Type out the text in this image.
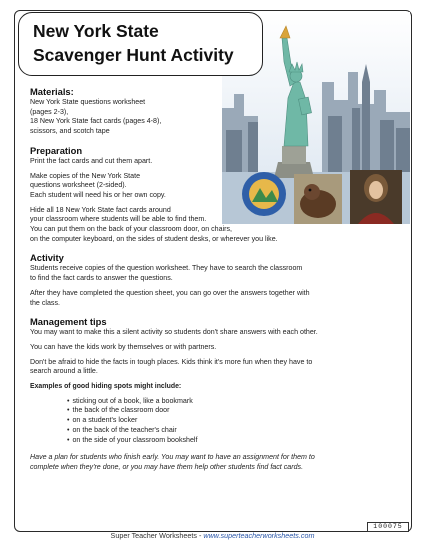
New York State
Scavenger Hunt Activity
Materials:

New York State questions worksheet

(pages 2-3),

18 New York State fact cards (pages 4-8),

scissors, and scotch tape

Preparation

Print the fact cards and cut them apart.

Make copies of the New York State

questions worksheet (2-sided).

Each student will need his or her own copy.

Hide all 18 New York State fact cards around

your classroom where students will be able to find them.

You can put them on the back of your classroom door, on chairs,

on the computer keyboard, on the sides of student desks, or wherever you like.

Activity

Students receive copies of the question worksheet. They have to search the classroom

to find the fact cards to answer the questions.

After they have completed the question sheet, you can go over the answers together with

the class.

Management tips

You may want to make this a silent activity so students don't share answers with each other.

You can have the kids work by themselves or with partners.

Don't be afraid to hide the facts in tough places. Kids think it's more fun when they have to

search around a little.

Examples of good hiding spots might include:

• sticking out of a book, like a bookmark
• the back of the classroom door
• on a student's locker
• on the back of the teacher's chair
• on the side of your classroom bookshelf

Have a plan for students who finish early. You may want to have an assignment for them to

complete when they're done, or you may have them help other students find fact cards.

100075
Super Teacher Worksheets - www.superteacherworksheets.com
